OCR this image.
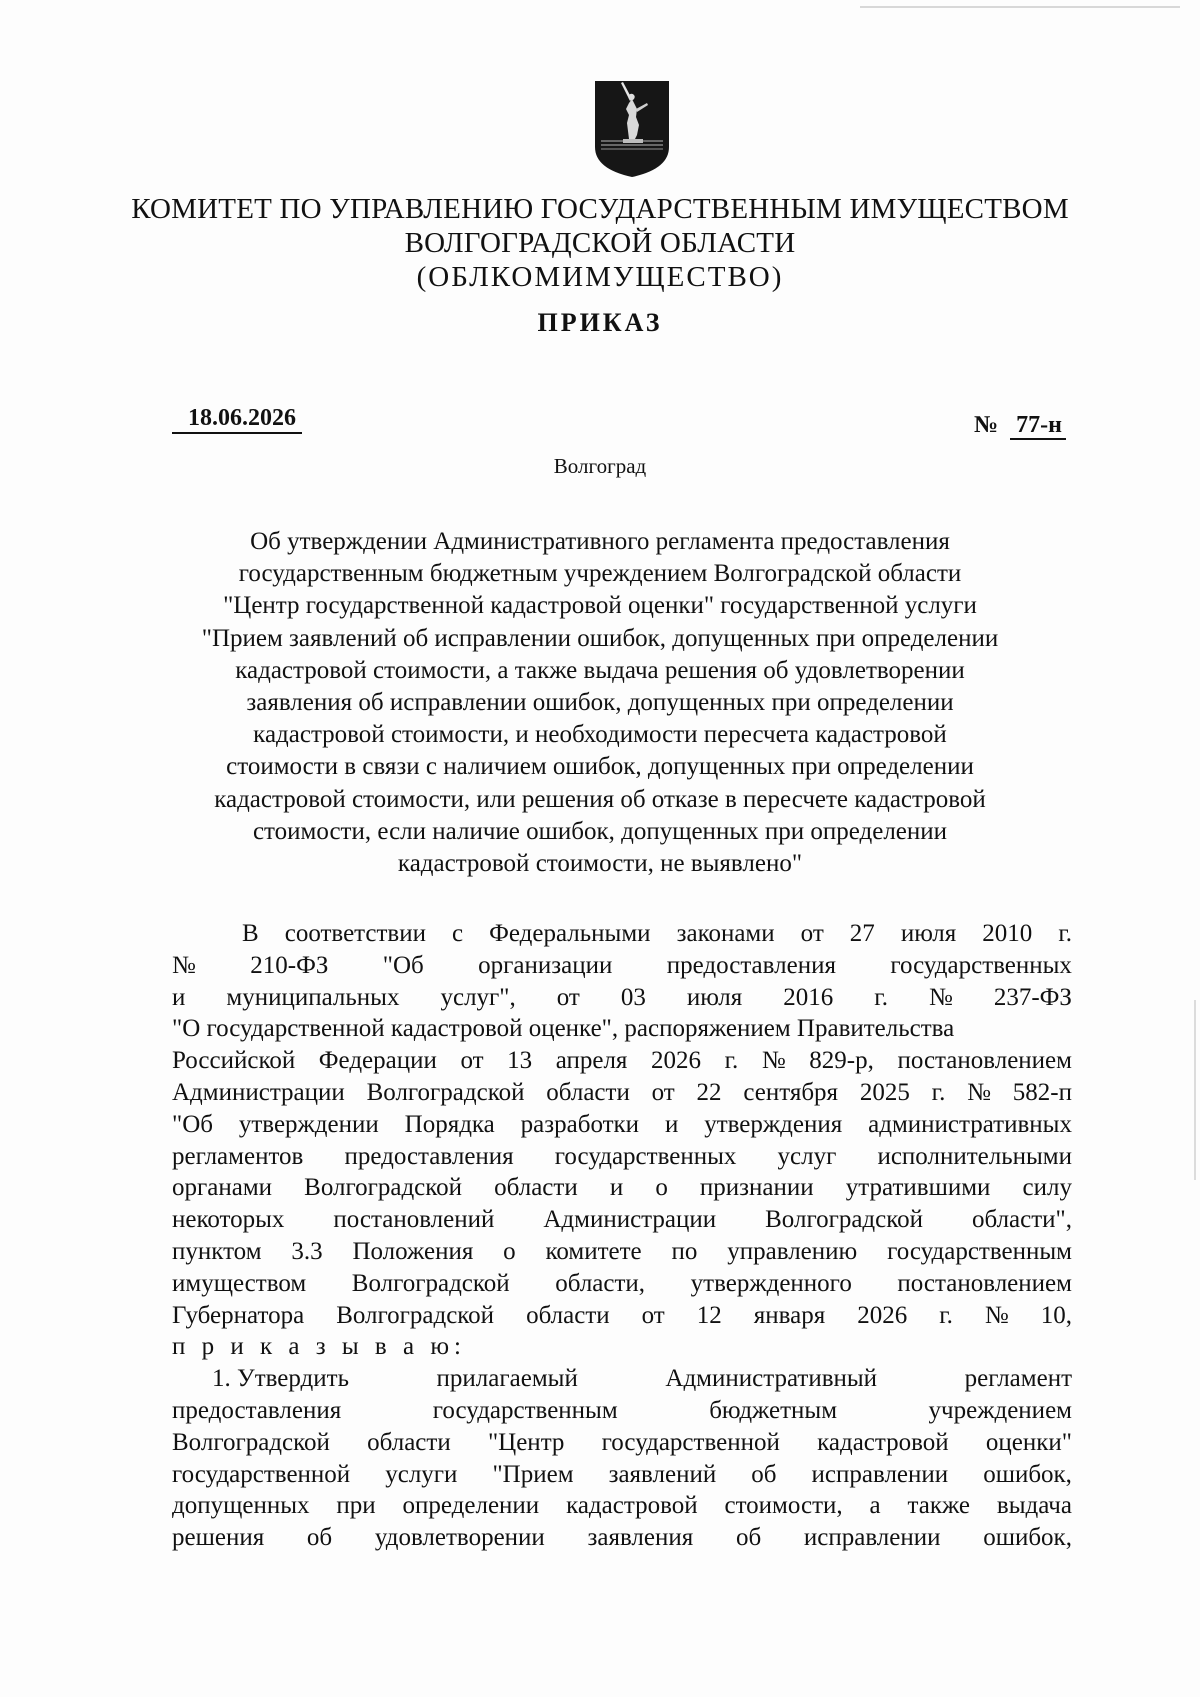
КОМИТЕТ ПО УПРАВЛЕНИЮ ГОСУДАРСТВЕННЫМ ИМУЩЕСТВОМ
ВОЛГОГРАДСКОЙ ОБЛАСТИ
(ОБЛКОМИМУЩЕСТВО)
ПРИКАЗ
18.06.2026	№ 77-н
Волгоград
Об утверждении Административного регламента предоставления
государственным бюджетным учреждением Волгоградской области
"Центр государственной кадастровой оценки" государственной услуги
"Прием заявлений об исправлении ошибок, допущенных при определении
кадастровой стоимости, а также выдача решения об удовлетворении
заявления об исправлении ошибок, допущенных при определении
кадастровой стоимости, и необходимости пересчета кадастровой
стоимости в связи с наличием ошибок, допущенных при определении
кадастровой стоимости, или решения об отказе в пересчете кадастровой
стоимости, если наличие ошибок, допущенных при определении
кадастровой стоимости, не выявлено"
В соответствии с Федеральными законами от 27 июля 2010 г.
№ 210-ФЗ "Об организации предоставления государственных
и муниципальных услуг", от 03 июля 2016 г. № 237-ФЗ
"О государственной кадастровой оценке", распоряжением Правительства
Российской Федерации от 13 апреля 2026 г. № 829-р, постановлением
Администрации Волгоградской области от 22 сентября 2025 г. № 582-п
"Об утверждении Порядка разработки и утверждения административных
регламентов предоставления государственных услуг исполнительными
органами Волгоградской области и о признании утратившими силу
некоторых постановлений Администрации Волгоградской области",
пунктом 3.3 Положения о комитете по управлению государственным
имуществом Волгоградской области, утвержденного постановлением
Губернатора Волгоградской области от 12 января 2026 г. № 10,
п р и к а з ы в а ю:
1. Утвердить	прилагаемый	Административный	регламент
предоставления	государственным	бюджетным	учреждением
Волгоградской области "Центр государственной кадастровой оценки"
государственной услуги "Прием заявлений об исправлении ошибок,
допущенных при определении кадастровой стоимости, а также выдача
решения об удовлетворении заявления об исправлении ошибок,
